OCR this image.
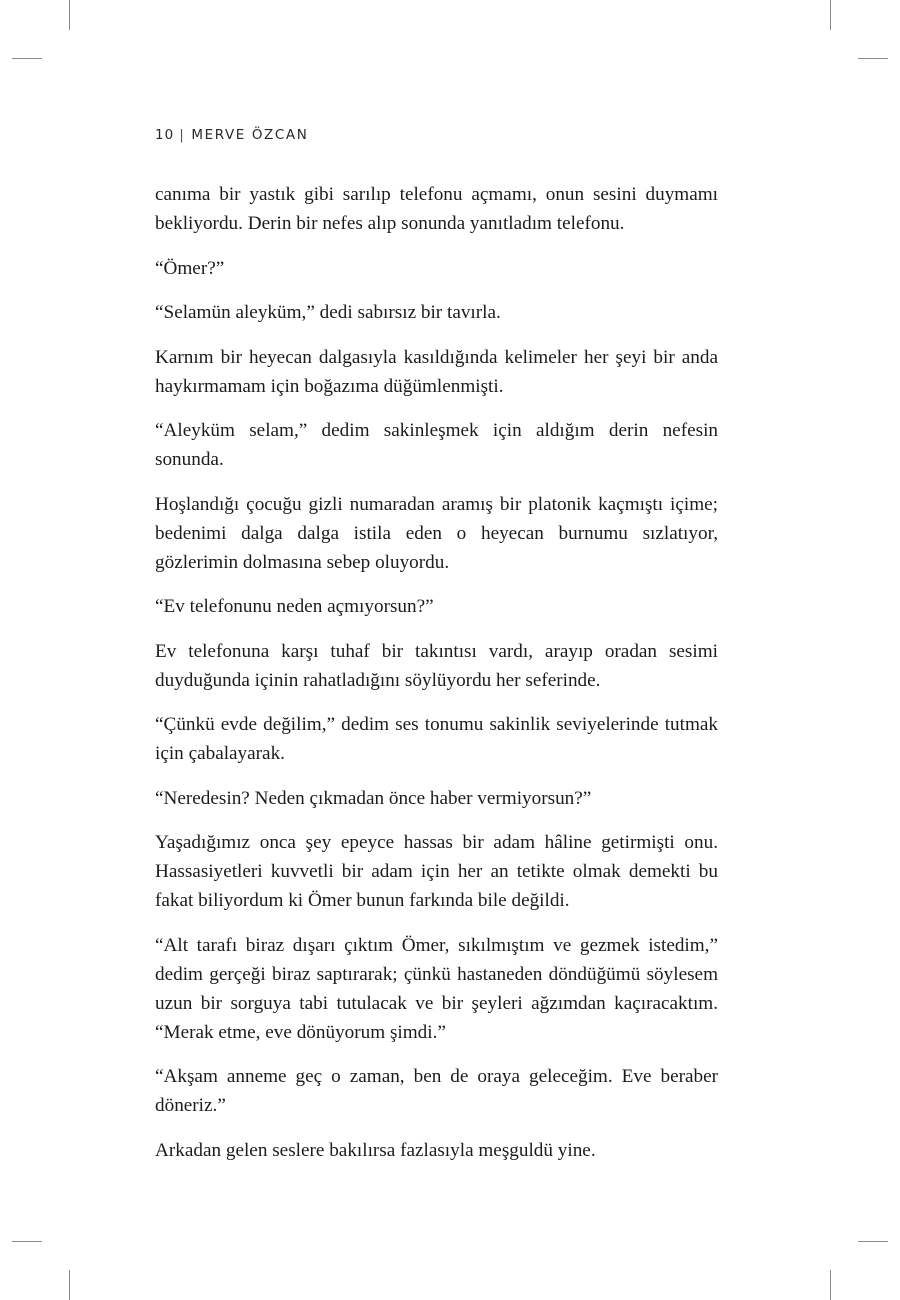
10 | MERVE ÖZCAN

canıma bir yastık gibi sarılıp telefonu açmamı, onun sesini duymamı bekliyordu. Derin bir nefes alıp sonunda yanıtladım telefonu.

“Ömer?”

“Selamün aleyküm,” dedi sabırsız bir tavırla.

Karnım bir heyecan dalgasıyla kasıldığında kelimeler her şeyi bir anda haykırmamam için boğazıma düğümlenmişti.

“Aleyküm selam,” dedim sakinleşmek için aldığım derin nefesin sonunda.

Hoşlandığı çocuğu gizli numaradan aramış bir platonik kaçmıştı içime; bedenimi dalga dalga istila eden o heyecan burnumu sızlatıyor, gözlerimin dolmasına sebep oluyordu.

“Ev telefonunu neden açmıyorsun?”

Ev telefonuna karşı tuhaf bir takıntısı vardı, arayıp oradan sesimi duyduğunda içinin rahatladığını söylüyordu her seferinde.

“Çünkü evde değilim,” dedim ses tonumu sakinlik seviyelerinde tutmak için çabalayarak.

“Neredesin? Neden çıkmadan önce haber vermiyorsun?”

Yaşadığımız onca şey epeyce hassas bir adam hâline getirmişti onu. Hassasiyetleri kuvvetli bir adam için her an tetikte olmak demekti bu fakat biliyordum ki Ömer bunun farkında bile değildi.

“Alt tarafı biraz dışarı çıktım Ömer, sıkılmıştım ve gezmek istedim,” dedim gerçeği biraz saptırarak; çünkü hastaneden döndüğümü söylesem uzun bir sorguya tabi tutulacak ve bir şeyleri ağzımdan kaçıracaktım. “Merak etme, eve dönüyorum şimdi.”

“Akşam anneme geç o zaman, ben de oraya geleceğim. Eve beraber döneriz.”

Arkadan gelen seslere bakılırsa fazlasıyla meşguldü yine.
